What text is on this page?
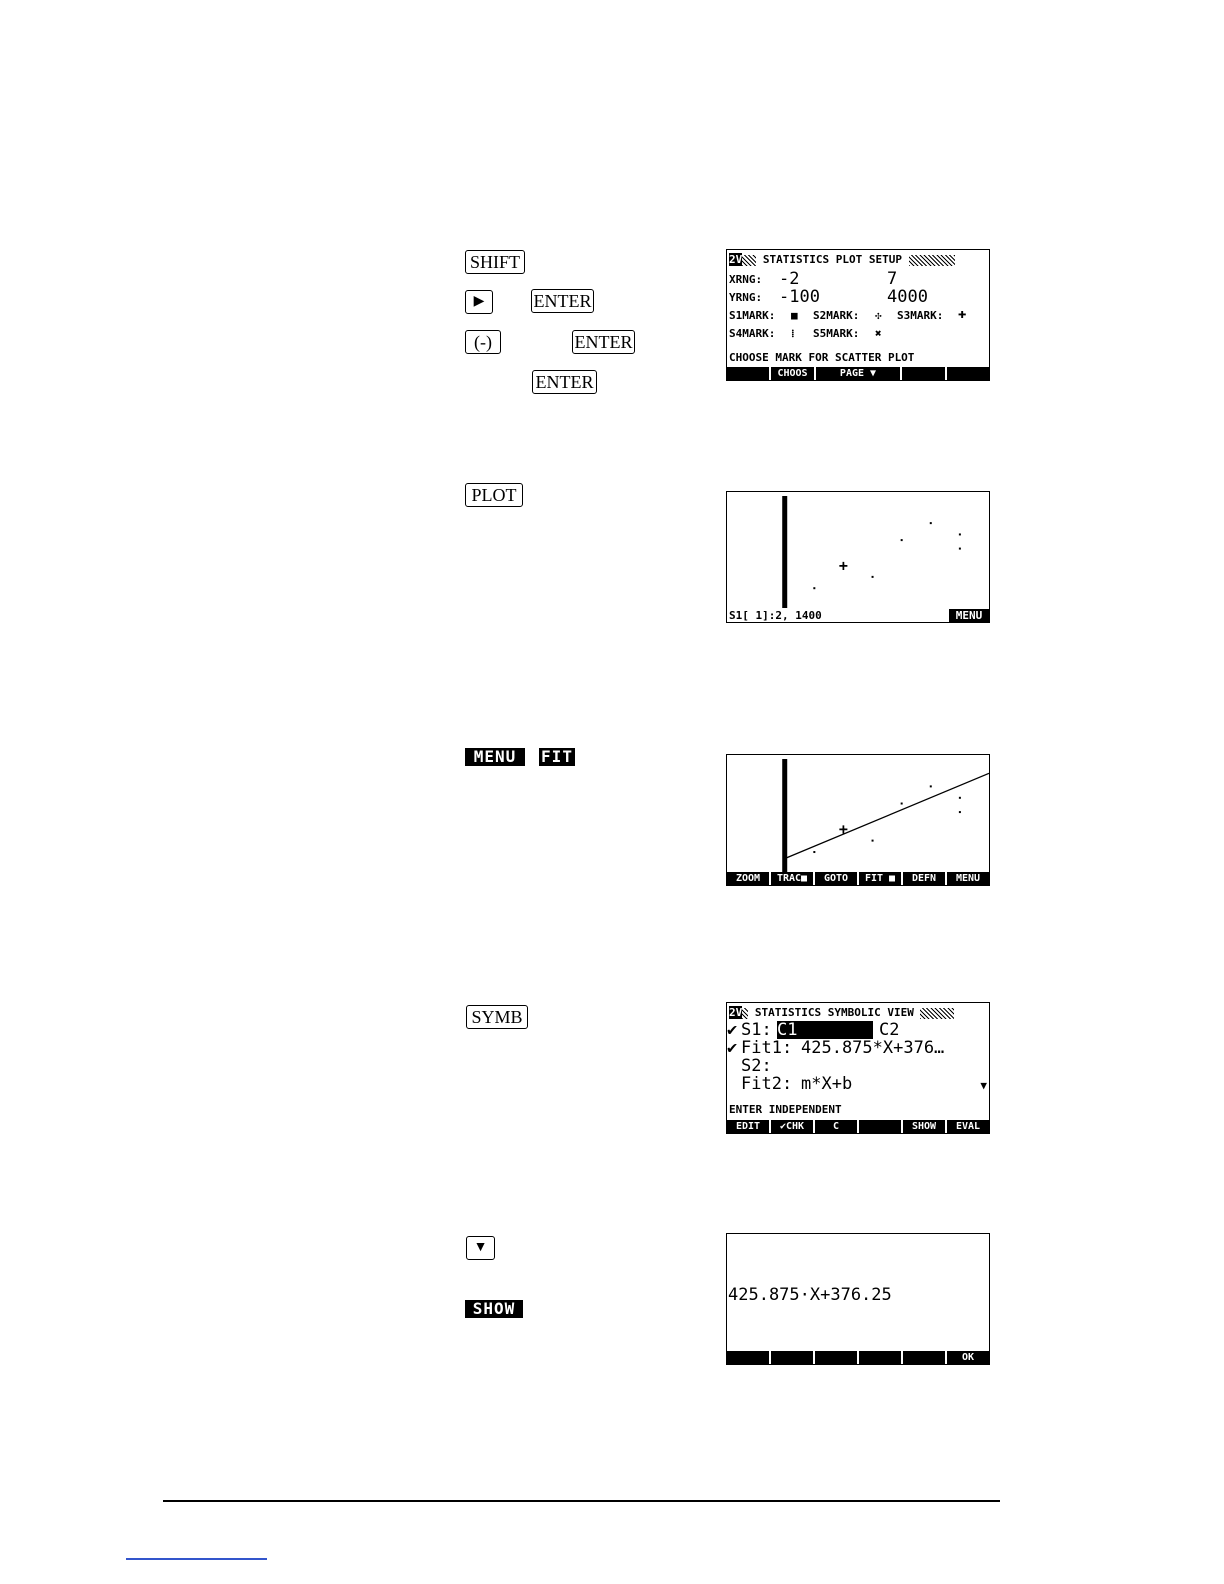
SHIFT
▶	ENTER
(-)	ENTER
ENTER
2V STATISTICS PLOT SETUP
XRNG: -2	7
YRNG: -100	4000
S1MARK: ■ S2MARK: ✣ S3MARK: ✚
S4MARK: ⁞ S5MARK: ✖
CHOOSE MARK FOR SCATTER PLOT
CHOOS	PAGE ▼
PLOT
+
S1[ 1]:2, 1400	MENU
MENU	FIT
+
ZOOM	TRAC■	GOTO	FIT ■	DEFN	MENU
SYMB	2V STATISTICS SYMBOLIC VIEW
✔ S1: C1	C2
✔ Fit1: 425.875*X+376…
S2:
Fit2: m*X+b	▼
ENTER INDEPENDENT
EDIT	✔CHK	C	SHOW	EVAL
▼
SHOW
425.875·X+376.25
OK
